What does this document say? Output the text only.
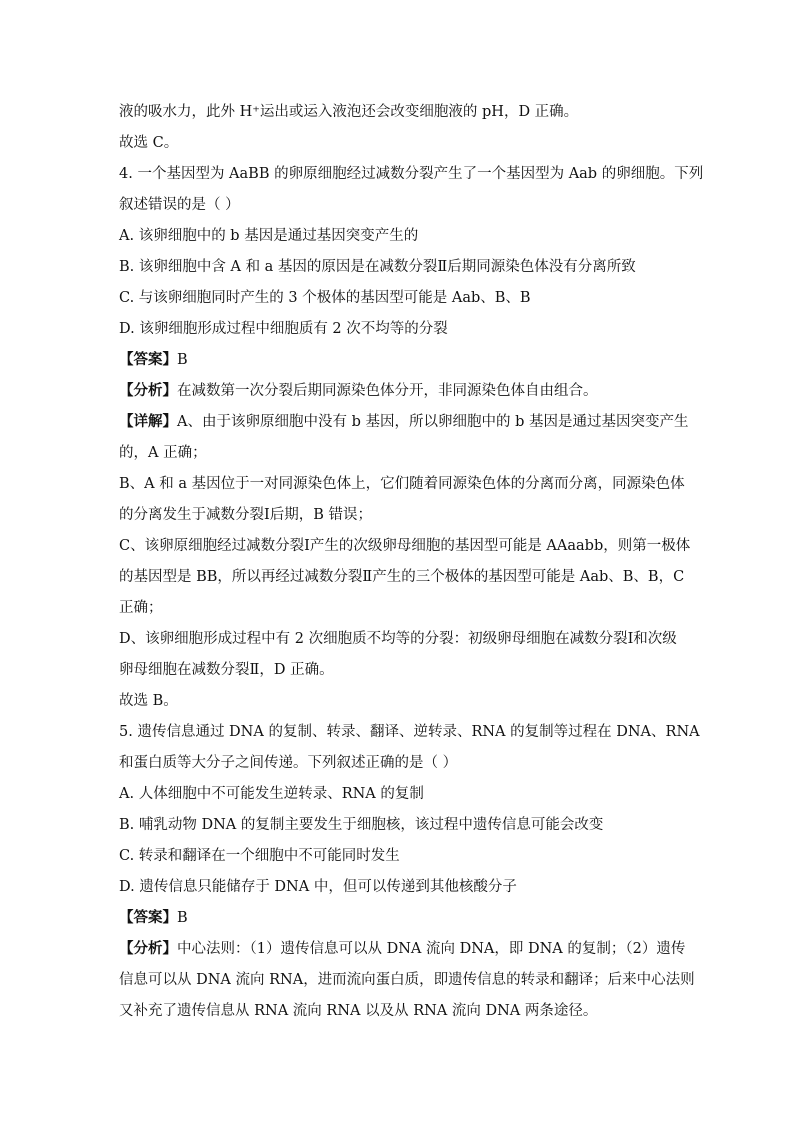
液的吸水力，此外 H⁺运出或运入液泡还会改变细胞液的 pH，D 正确。
故选 C。
4. 一个基因型为 AaBB 的卵原细胞经过减数分裂产生了一个基因型为 Aab 的卵细胞。下列
叙述错误的是（ ）
A. 该卵细胞中的 b 基因是通过基因突变产生的
B. 该卵细胞中含 A 和 a 基因的原因是在减数分裂Ⅱ后期同源染色体没有分离所致
C. 与该卵细胞同时产生的 3 个极体的基因型可能是 Aab、B、B
D. 该卵细胞形成过程中细胞质有 2 次不均等的分裂
【答案】B
【分析】在减数第一次分裂后期同源染色体分开，非同源染色体自由组合。
【详解】A、由于该卵原细胞中没有 b 基因，所以卵细胞中的 b 基因是通过基因突变产生
的，A 正确；
B、A 和 a 基因位于一对同源染色体上，它们随着同源染色体的分离而分离，同源染色体
的分离发生于减数分裂Ⅰ后期，B 错误；
C、该卵原细胞经过减数分裂Ⅰ产生的次级卵母细胞的基因型可能是 AAaabb，则第一极体
的基因型是 BB，所以再经过减数分裂Ⅱ产生的三个极体的基因型可能是 Aab、B、B，C
正确；
D、该卵细胞形成过程中有 2 次细胞质不均等的分裂：初级卵母细胞在减数分裂Ⅰ和次级
卵母细胞在减数分裂Ⅱ，D 正确。
故选 B。
5. 遗传信息通过 DNA 的复制、转录、翻译、逆转录、RNA 的复制等过程在 DNA、RNA
和蛋白质等大分子之间传递。下列叙述正确的是（ ）
A. 人体细胞中不可能发生逆转录、RNA 的复制
B. 哺乳动物 DNA 的复制主要发生于细胞核，该过程中遗传信息可能会改变
C. 转录和翻译在一个细胞中不可能同时发生
D. 遗传信息只能储存于 DNA 中，但可以传递到其他核酸分子
【答案】B
【分析】中心法则：（1）遗传信息可以从 DNA 流向 DNA，即 DNA 的复制；（2）遗传
信息可以从 DNA 流向 RNA，进而流向蛋白质，即遗传信息的转录和翻译；后来中心法则
又补充了遗传信息从 RNA 流向 RNA 以及从 RNA 流向 DNA 两条途径。
